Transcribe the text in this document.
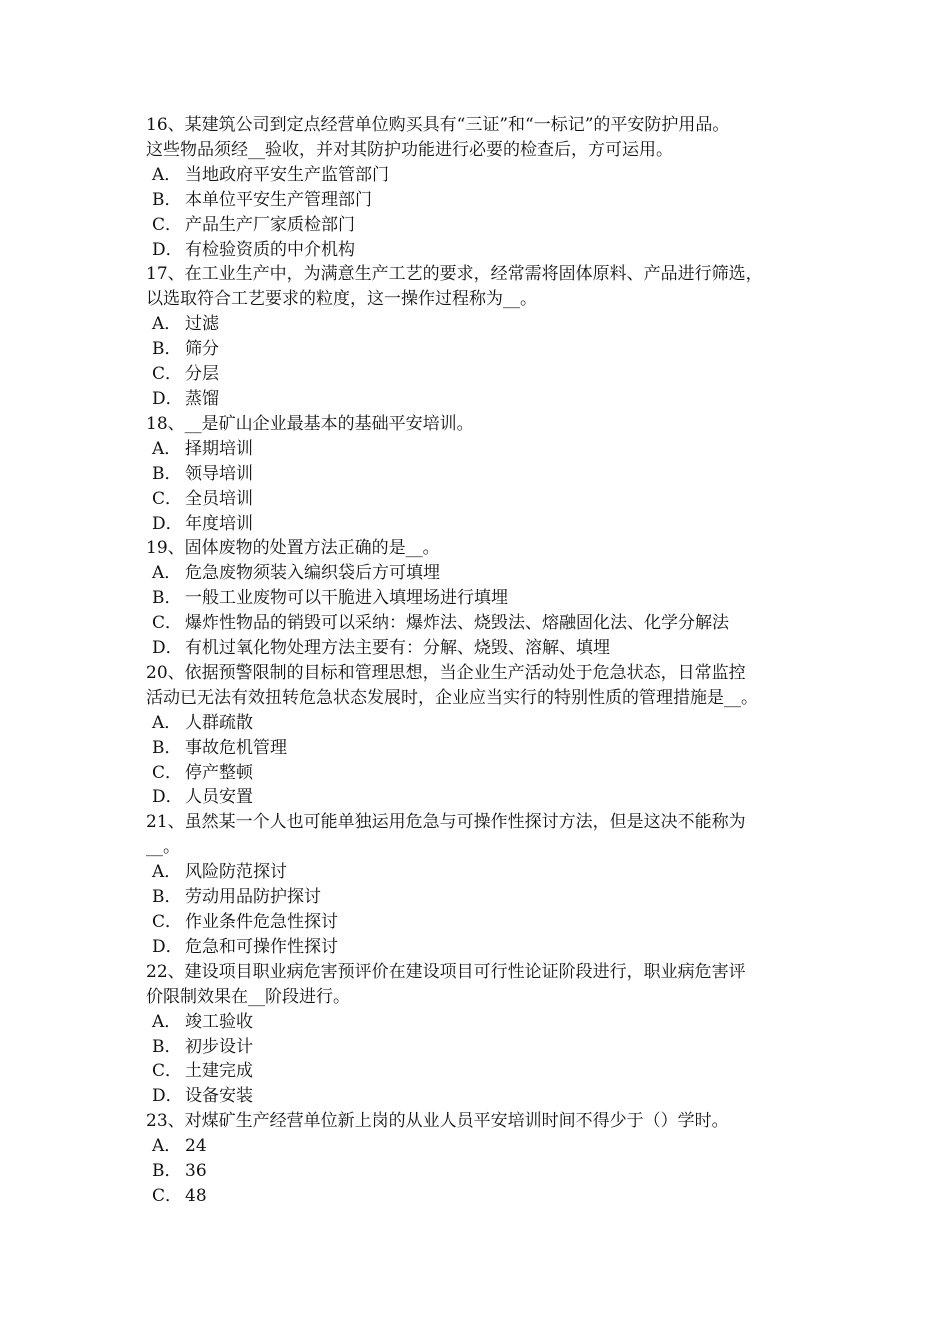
16、某建筑公司到定点经营单位购买具有“三证”和“一标记”的平安防护用品。

这些物品须经__验收，并对其防护功能进行必要的检查后，方可运用。

A． 当地政府平安生产监管部门
B． 本单位平安生产管理部门
C． 产品生产厂家质检部门
D． 有检验资质的中介机构

17、在工业生产中，为满意生产工艺的要求，经常需将固体原料、产品进行筛选，

以选取符合工艺要求的粒度，这一操作过程称为__。

A． 过滤
B． 筛分
C． 分层
D． 蒸馏

18、__是矿山企业最基本的基础平安培训。

A． 择期培训
B． 领导培训
C． 全员培训
D． 年度培训

19、固体废物的处置方法正确的是__。

A． 危急废物须装入编织袋后方可填埋
B． 一般工业废物可以干脆进入填埋场进行填埋
C． 爆炸性物品的销毁可以采纳：爆炸法、烧毁法、熔融固化法、化学分解法
D． 有机过氧化物处理方法主要有：分解、烧毁、溶解、填埋

20、依据预警限制的目标和管理思想，当企业生产活动处于危急状态，日常监控

活动已无法有效扭转危急状态发展时，企业应当实行的特别性质的管理措施是__。

A． 人群疏散
B． 事故危机管理
C． 停产整顿
D． 人员安置

21、虽然某一个人也可能单独运用危急与可操作性探讨方法，但是这决不能称为

__。

A． 风险防范探讨
B． 劳动用品防护探讨
C． 作业条件危急性探讨
D． 危急和可操作性探讨

22、建设项目职业病危害预评价在建设项目可行性论证阶段进行，职业病危害评

价限制效果在__阶段进行。

A． 竣工验收
B． 初步设计
C． 土建完成
D． 设备安装

23、对煤矿生产经营单位新上岗的从业人员平安培训时间不得少于（）学时。

A． 24
B． 36
C． 48
